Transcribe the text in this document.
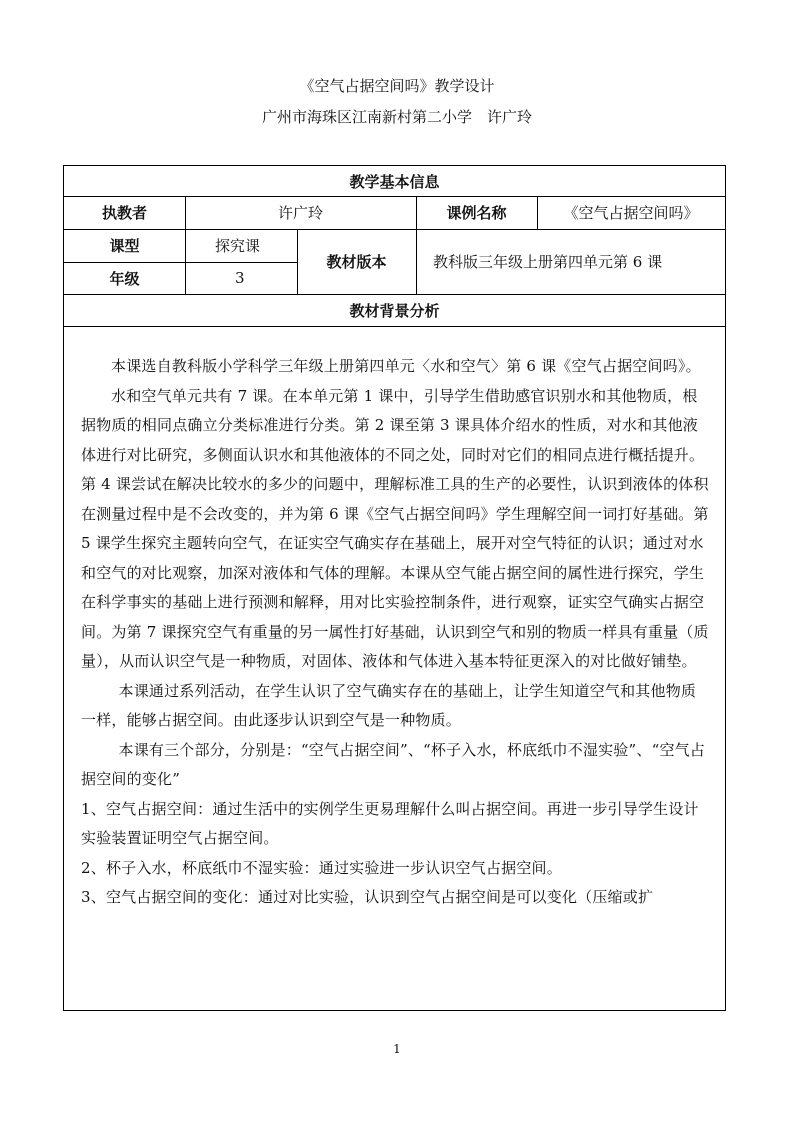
《空气占据空间吗》教学设计
广州市海珠区江南新村第二小学　许广玲
教学基本信息
执教者	许广玲	课例名称	《空气占据空间吗》
课型	探究课
年级	3
教材版本	教科版三年级上册第四单元第 6 课
教材背景分析

本课选自教科版小学科学三年级上册第四单元〈水和空气〉第 6 课《空气占据空间吗》。

水和空气单元共有 7 课。在本单元第 1 课中，引导学生借助感官识别水和其他物质，根据物质的相同点确立分类标准进行分类。第 2 课至第 3 课具体介绍水的性质，对水和其他液体进行对比研究，多侧面认识水和其他液体的不同之处，同时对它们的相同点进行概括提升。第 4 课尝试在解决比较水的多少的问题中，理解标准工具的生产的必要性，认识到液体的体积在测量过程中是不会改变的，并为第 6 课《空气占据空间吗》学生理解空间一词打好基础。第 5 课学生探究主题转向空气，在证实空气确实存在基础上，展开对空气特征的认识；通过对水和空气的对比观察，加深对液体和气体的理解。本课从空气能占据空间的属性进行探究，学生在科学事实的基础上进行预测和解释，用对比实验控制条件，进行观察，证实空气确实占据空间。为第 7 课探究空气有重量的另一属性打好基础，认识到空气和别的物质一样具有重量（质量），从而认识空气是一种物质，对固体、液体和气体进入基本特征更深入的对比做好铺垫。

本课通过系列活动，在学生认识了空气确实存在的基础上，让学生知道空气和其他物质一样，能够占据空间。由此逐步认识到空气是一种物质。

本课有三个部分，分别是：“空气占据空间”、“杯子入水，杯底纸巾不湿实验”、“空气占据空间的变化”

1、空气占据空间：通过生活中的实例学生更易理解什么叫占据空间。再进一步引导学生设计实验装置证明空气占据空间。

2、杯子入水，杯底纸巾不湿实验：通过实验进一步认识空气占据空间。

3、空气占据空间的变化：通过对比实验，认识到空气占据空间是可以变化（压缩或扩

1
